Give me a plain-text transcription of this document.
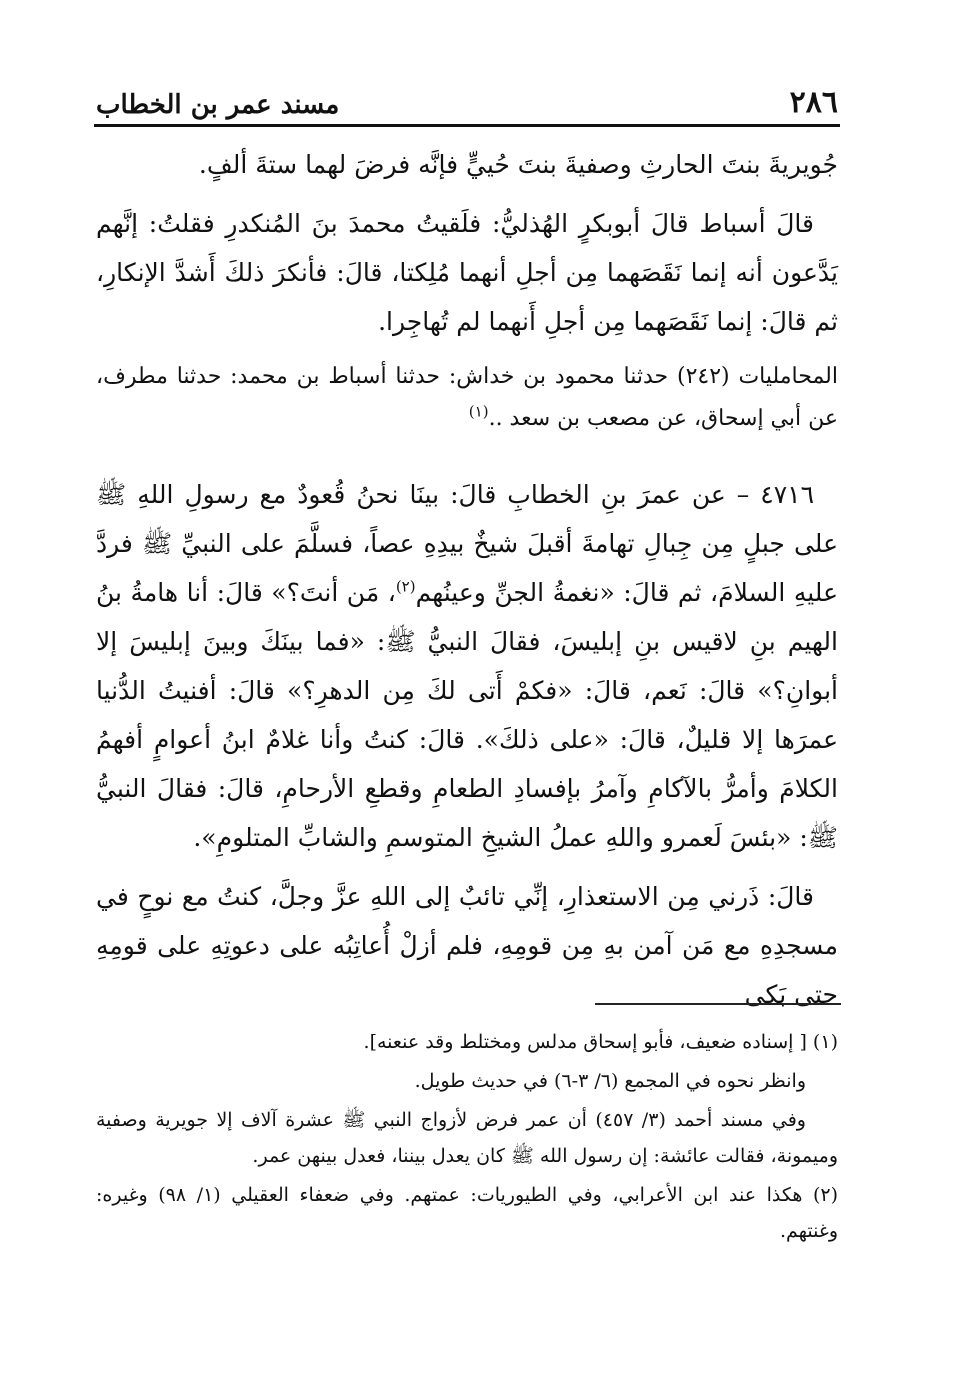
٢٨٦
مسند عمر بن الخطاب

جُويريةَ بنتَ الحارثِ وصفيةَ بنتَ حُييٍّ فإنَّه فرضَ لهما ستةَ ألفٍ.

قالَ أسباط قالَ أبوبكرٍ الهُذليُّ: فلَقيتُ محمدَ بنَ المُنكدرِ فقلتُ: إنَّهم يَدَّعون أنه إنما نَقَصَهما مِن أجلِ أنهما مُلِكتا، قالَ: فأنكرَ ذلكَ أَشدَّ الإنكارِ، ثم قالَ: إنما نَقَصَهما مِن أجلِ أَنهما لم تُهاجِرا.

المحامليات (٢٤٢) حدثنا محمود بن خداش: حدثنا أسباط بن محمد: حدثنا مطرف، عن أبي إسحاق، عن مصعب بن سعد ..$^{(١)}$

٤٧١٦ – عن عمرَ بنِ الخطابِ قالَ: بينَا نحنُ قُعودٌ مع رسولِ اللهِ ﷺ على جبلٍ مِن جِبالِ تهامةَ أقبلَ شيخٌ بيدِهِ عصاً، فسلَّمَ على النبيِّ ﷺ فردَّ عليهِ السلامَ، ثم قالَ: «نغمةُ الجنِّ وعينُهم$^{(٢)}$، مَن أنتَ؟» قالَ: أنا هامةُ بنُ الهيم بنِ لاقيس بنِ إبليسَ، فقالَ النبيُّ ﷺ: «فما بينَكَ وبينَ إبليسَ إلا أبوانِ؟» قالَ: نَعم، قالَ: «فكمْ أَتى لكَ مِن الدهرِ؟» قالَ: أفنيتُ الدُّنيا عمرَها إلا قليلٌ، قالَ: «على ذلكَ». قالَ: كنتُ وأنا غلامٌ ابنُ أعوامٍ أفهمُ الكلامَ وأمرُّ بالآكامِ وآمرُ بإفسادِ الطعامِ وقطعِ الأرحامِ، قالَ: فقالَ النبيُّ ﷺ: «بئسَ لَعمرو واللهِ عملُ الشيخِ المتوسمِ والشابِّ المتلومِ».

قالَ: ذَرني مِن الاستعذارِ، إنِّي تائبٌ إلى اللهِ عزَّ وجلَّ، كنتُ مع نوحٍ في مسجدِهِ مع مَن آمن بهِ مِن قومِهِ، فلم أزلْ أُعاتِبُه على دعوتِهِ على قومِهِ حتى بَكى

(١) [ إسناده ضعيف، فأبو إسحاق مدلس ومختلط وقد عنعنه].

وانظر نحوه في المجمع (٦/ ٣-٦) في حديث طويل.

وفي مسند أحمد (٣/ ٤٥٧) أن عمر فرض لأزواج النبي ﷺ عشرة آلاف إلا جويرية وصفية وميمونة، فقالت عائشة: إن رسول الله ﷺ كان يعدل بيننا، فعدل بينهن عمر.

(٢) هكذا عند ابن الأعرابي، وفي الطيوريات: عمتهم. وفي ضعفاء العقيلي (١/ ٩٨) وغيره: وغنتهم.
